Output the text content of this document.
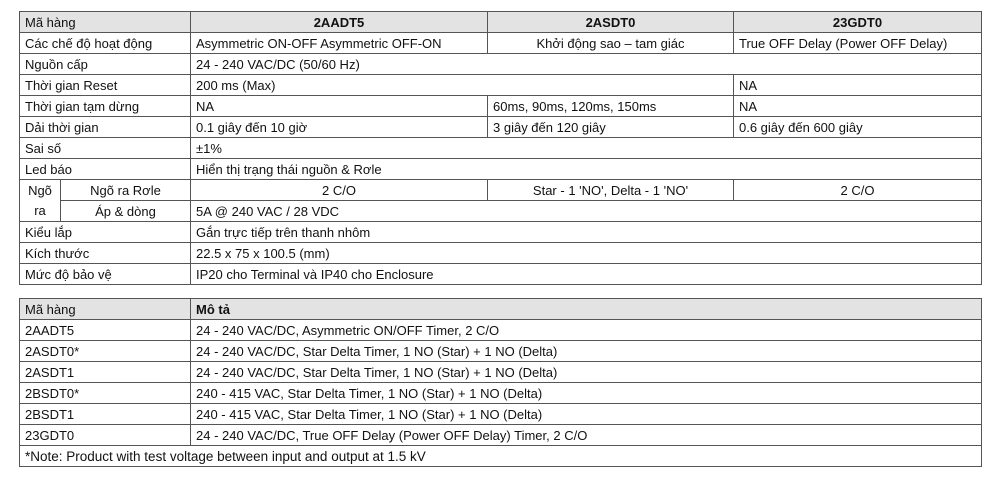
Mã hàng		2AADT5	2ASDT0	23GDT0
Các chế độ hoạt động		Asymmetric ON-OFF Asymmetric OFF-ON	Khởi động sao – tam giác	True OFF Delay (Power OFF Delay)
Nguồn cấp		24 - 240 VAC/DC (50/60 Hz)		
Thời gian Reset		200 ms (Max)		NA
Thời gian tạm dừng		NA	60ms, 90ms, 120ms, 150ms	NA
Dải thời gian		0.1 giây đến 10 giờ	3 giây đến 120 giây	0.6 giây đến 600 giây
Sai số		±1%		
Led báo		Hiển thị trạng thái nguồn & Rơle		

Ngõ
ra	Ngõ ra Rơle	2 C/O	Star - 1 'NO', Delta - 1 'NO'	2 C/O
	Áp & dòng	5A @ 240 VAC / 28 VDC		
Kiểu lắp		Gắn trực tiếp trên thanh nhôm		
Kích thước		22.5 x 75 x 100.5 (mm)		
Mức độ bảo vệ		IP20 cho Terminal và IP40 cho Enclosure		
Mã hàng	Mô tả
2AADT5	24 - 240 VAC/DC, Asymmetric ON/OFF Timer, 2 C/O
2ASDT0*	24 - 240 VAC/DC, Star Delta Timer, 1 NO (Star) + 1 NO (Delta)
2ASDT1	24 - 240 VAC/DC, Star Delta Timer, 1 NO (Star) + 1 NO (Delta)
2BSDT0*	240 - 415 VAC, Star Delta Timer, 1 NO (Star) + 1 NO (Delta)
2BSDT1	240 - 415 VAC, Star Delta Timer, 1 NO (Star) + 1 NO (Delta)
23GDT0	24 - 240 VAC/DC, True OFF Delay (Power OFF Delay) Timer, 2 C/O
*Note: Product with test voltage between input and output at 1.5 kV	
